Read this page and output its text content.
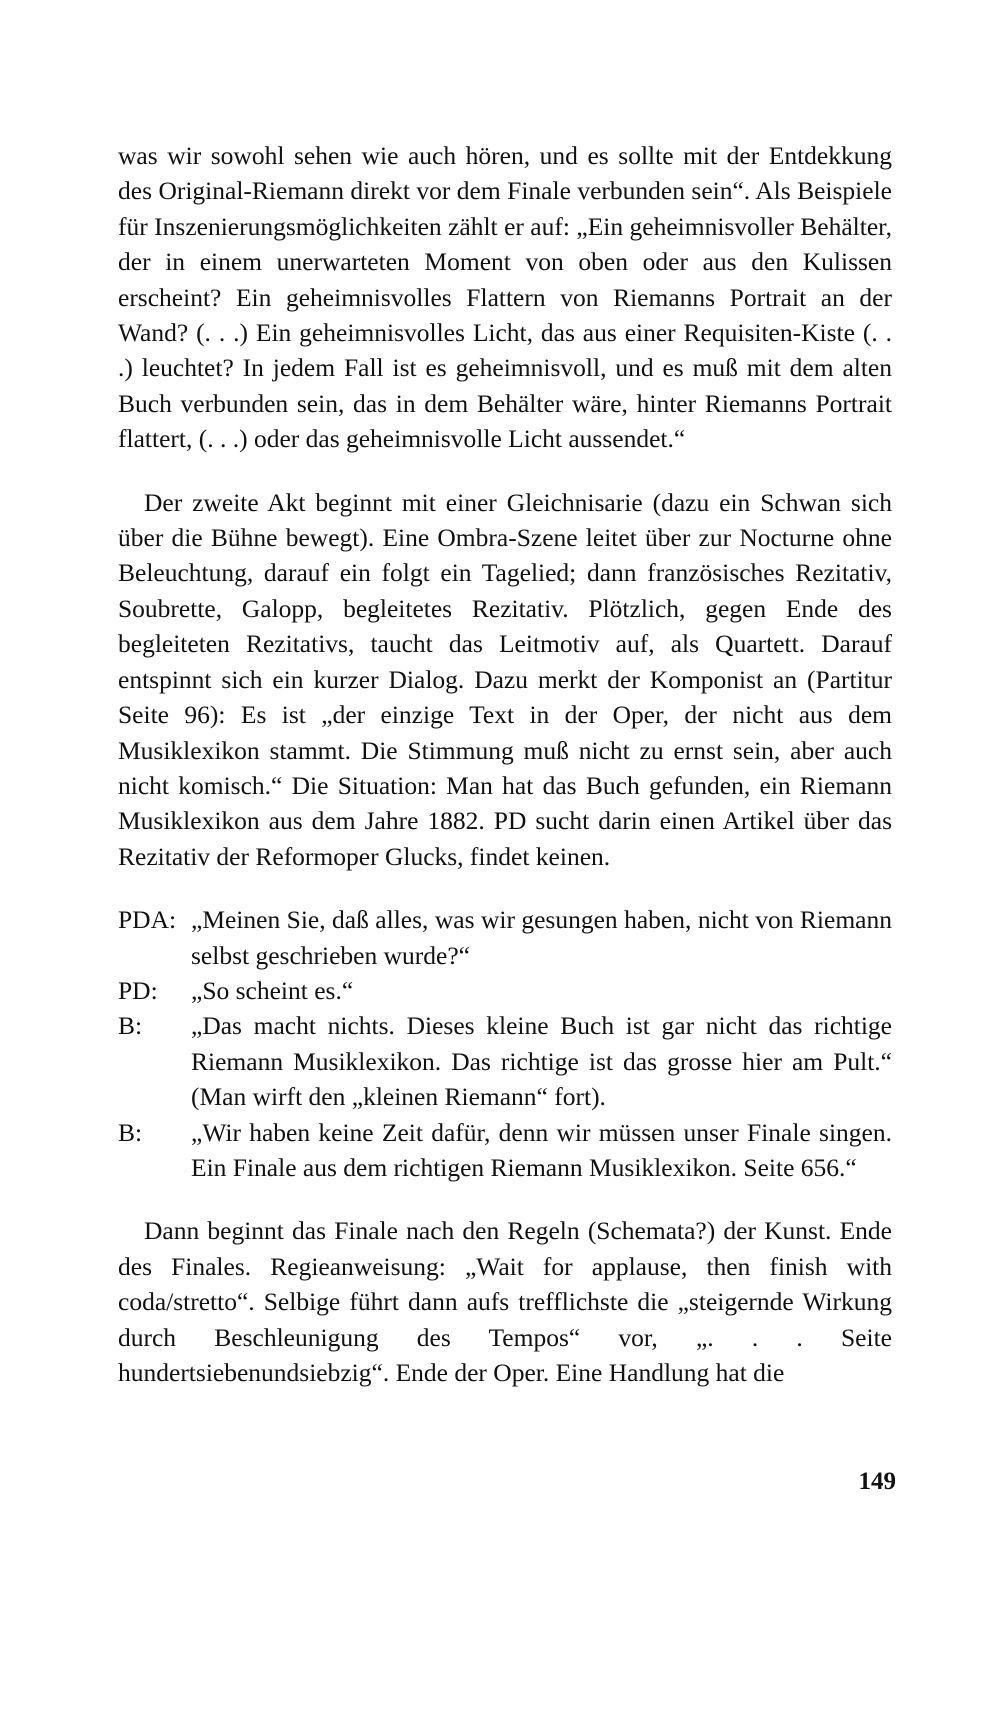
was wir sowohl sehen wie auch hören, und es sollte mit der Entdekkung des Original-Riemann direkt vor dem Finale verbunden sein“. Als Beispiele für Inszenierungsmöglichkeiten zählt er auf: „Ein geheimnisvoller Behälter, der in einem unerwarteten Moment von oben oder aus den Kulissen erscheint? Ein geheimnisvolles Flattern von Riemanns Portrait an der Wand? (. . .) Ein geheimnisvolles Licht, das aus einer Requisiten-Kiste (. . .) leuchtet? In jedem Fall ist es geheimnisvoll, und es muß mit dem alten Buch verbunden sein, das in dem Behälter wäre, hinter Riemanns Portrait flattert, (. . .) oder das geheimnisvolle Licht aussendet.“

Der zweite Akt beginnt mit einer Gleichnisarie (dazu ein Schwan sich über die Bühne bewegt). Eine Ombra-Szene leitet über zur Nocturne ohne Beleuchtung, darauf ein folgt ein Tagelied; dann französisches Rezitativ, Soubrette, Galopp, begleitetes Rezitativ. Plötzlich, gegen Ende des begleiteten Rezitativs, taucht das Leitmotiv auf, als Quartett. Darauf entspinnt sich ein kurzer Dialog. Dazu merkt der Komponist an (Partitur Seite 96): Es ist „der einzige Text in der Oper, der nicht aus dem Musiklexikon stammt. Die Stimmung muß nicht zu ernst sein, aber auch nicht komisch.“ Die Situation: Man hat das Buch gefunden, ein Riemann Musiklexikon aus dem Jahre 1882. PD sucht darin einen Artikel über das Rezitativ der Reformoper Glucks, findet keinen.

PDA: „Meinen Sie, daß alles, was wir gesungen haben, nicht von Riemann selbst geschrieben wurde?“
PD:	„So scheint es.“
B:	„Das macht nichts. Dieses kleine Buch ist gar nicht das richtige Riemann Musiklexikon. Das richtige ist das grosse hier am Pult.“ (Man wirft den „kleinen Riemann“ fort).
B:	„Wir haben keine Zeit dafür, denn wir müssen unser Finale singen. Ein Finale aus dem richtigen Riemann Musiklexikon. Seite 656.“

Dann beginnt das Finale nach den Regeln (Schemata?) der Kunst. Ende des Finales. Regieanweisung: „Wait for applause, then finish with coda/stretto“. Selbige führt dann aufs trefflichste die „steigernde Wirkung durch Beschleunigung des Tempos“ vor, „. . . Seite hundertsiebenundsiebzig“. Ende der Oper. Eine Handlung hat die

149
